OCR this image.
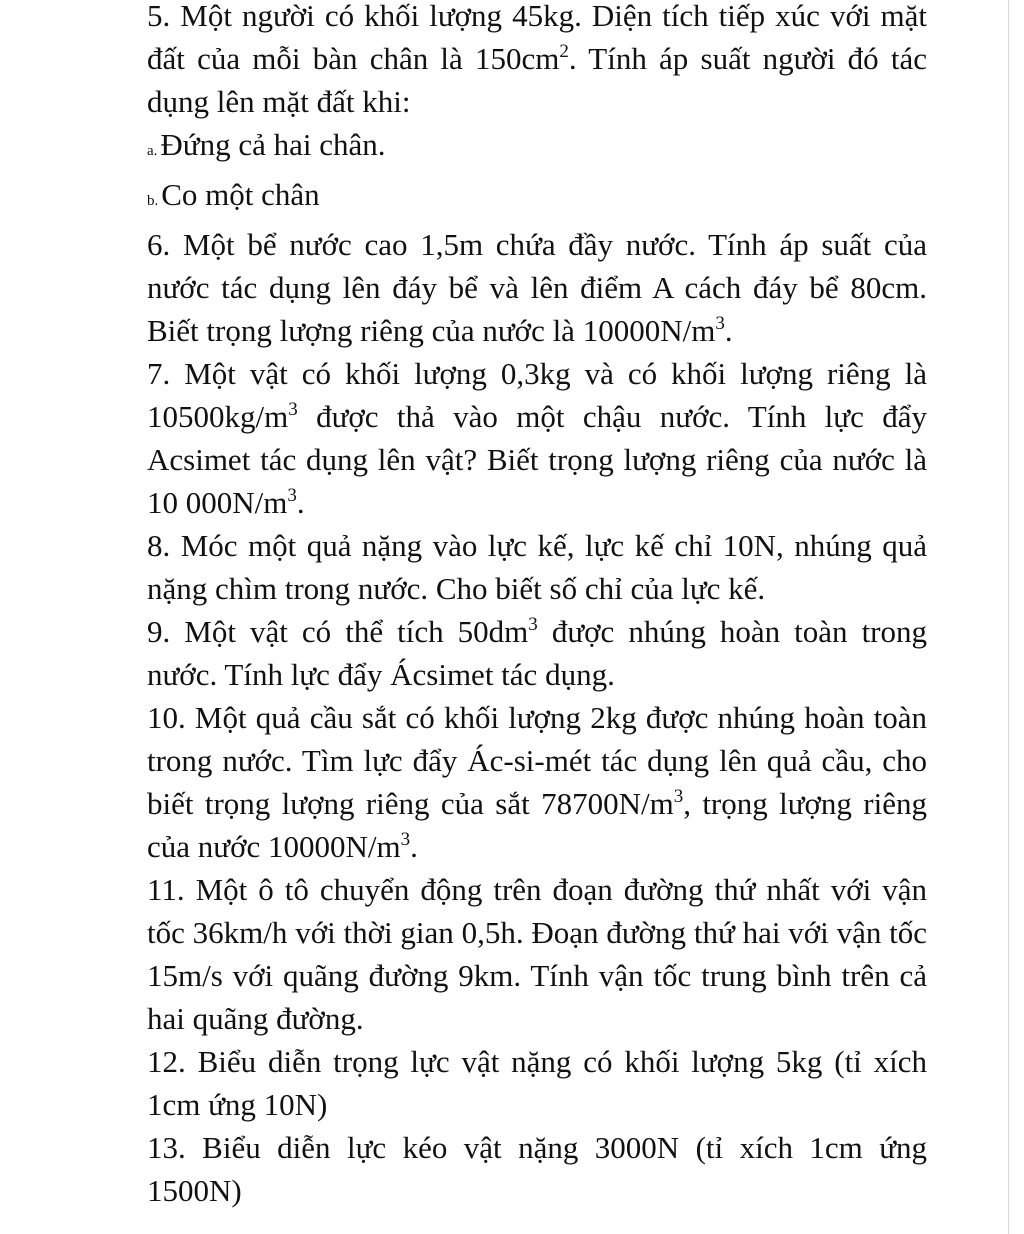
5. Một người có khối lượng 45kg. Diện tích tiếp xúc với mặt đất của mỗi bàn chân là $150cm^2$. Tính áp suất người đó tác dụng lên mặt đất khi:

a.Đứng cả hai chân.

b.Co một chân

6. Một bể nước cao 1,5m chứa đầy nước. Tính áp suất của nước tác dụng lên đáy bể và lên điểm A cách đáy bể 80cm. Biết trọng lượng riêng của nước là $10000N/m^3$.

7. Một vật có khối lượng 0,3kg và có khối lượng riêng là $10500kg/m^3$ được thả vào một chậu nước. Tính lực đẩy Acsimet tác dụng lên vật? Biết trọng lượng riêng của nước là 10 $000N/m^3$.

8. Móc một quả nặng vào lực kế, lực kế chỉ 10N, nhúng quả nặng chìm trong nước. Cho biết số chỉ của lực kế.

9. Một vật có thể tích $50dm^3$ được nhúng hoàn toàn trong nước. Tính lực đẩy Ácsimet tác dụng.

10. Một quả cầu sắt có khối lượng 2kg được nhúng hoàn toàn trong nước. Tìm lực đẩy Ác-si-mét tác dụng lên quả cầu, cho biết trọng lượng riêng của sắt $78700N/m^3$, trọng lượng riêng của nước $10000N/m^3$.

11. Một ô tô chuyển động trên đoạn đường thứ nhất với vận tốc 36km/h với thời gian 0,5h. Đoạn đường thứ hai với vận tốc 15m/s với quãng đường 9km. Tính vận tốc trung bình trên cả hai quãng đường.

12. Biểu diễn trọng lực vật nặng có khối lượng 5kg (tỉ xích 1cm ứng 10N)

13. Biểu diễn lực kéo vật nặng 3000N (tỉ xích 1cm ứng 1500N)
